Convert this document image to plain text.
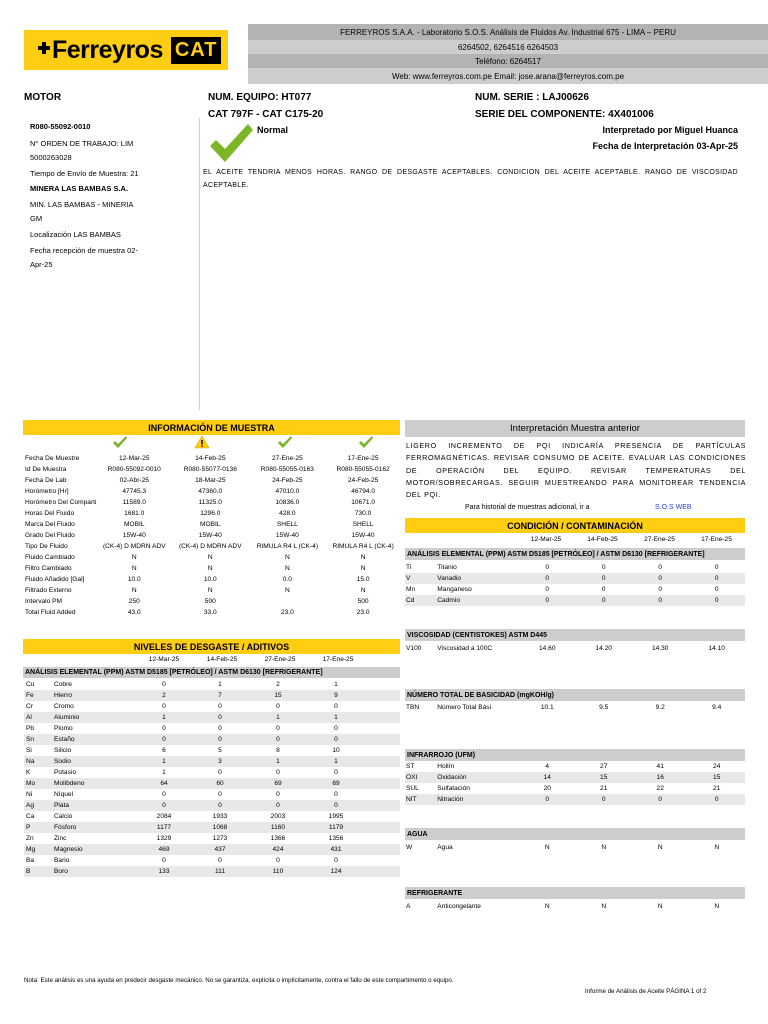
Ferreyros CAT
FERREYROS S.A.A. - Laboratorio S.O.S. Análisis de Fluidos Av. Industrial 675 - LIMA – PERU
6264502, 6264516 6264503
Teléfono: 6264517
Web: www.ferreyros.com.pe Email: jose.arana@ferreyros.com.pe
MOTOR	NUM. EQUIPO: HT077	NUM. SERIE : LAJ00626
CAT 797F - CAT C175-20	SERIE DEL COMPONENTE: 4X401006
Normal	Interpretado por Miguel Huanca
Fecha de Interpretación 03-Apr-25
R080-55092-0010
N° ORDEN DE TRABAJO: LIM
5000263028
Tiempo de Envío de Muestra: 21
MINERA LAS BAMBAS S.A.
MIN. LAS BAMBAS - MINERIA
GM
Localización LAS BAMBAS
Fecha recepción de muestra 02-
Apr-25
EL ACEITE TENDRIA MENOS HORAS. RANGO DE DESGASTE ACEPTABLES. CONDICION DEL ACEITE ACEPTABLE. RANGO DE VISCOSIDAD ACEPTABLE.
INFORMACIÓN DE MUESTRA
Fecha De Muestre	12-Mar-25	14-Feb-25	27-Ene-25	17-Ene-25
Id De Muestra	R080-55092-0010	R080-55077-0136	R080-55055-0163	R080-55055-0162
Fecha De Lab	02-Abr-25	18-Mar-25	24-Feb-25	24-Feb-25
Horómetro [Hr]	47745.3	47360.0	47010.0	46794.0
Horómetro Del Comparti	11589.0	11325.0	10836.0	10671.0
Horas Del Fluido	1681.0	1296.0	428.0	730.0
Marca Del Fluido	MOBIL	MOBIL	SHELL	SHELL
Grado Del Fluido	15W-40	15W-40	15W-40	15W-40
Tipo De Fluido	(CK-4) D MDRN ADV	(CK-4) D MDRN ADV	RIMULA R4 L (CK-4)	RIMULA R4 L (CK-4)
Fluido Cambiado	N	N	N	N
Filtro Cambiado	N	N	N	N
Fluido Añadido [Gal]	10.0	10.0	0.0	15.0
Filtrado Externo	N	N	N	N
Intervalo PM	250	500		500
Total Fluid Added	43.0	33.0	23.0	23.0
NIVELES DE DESGASTE / ADITIVOS
	12-Mar-25	14-Feb-25	27-Ene-25	17-Ene-25	
ANÁLISIS ELEMENTAL (PPM) ASTM D5185 [PETRÓLEO] / ASTM D6130 [REFRIGERANTE]
Cu	Cobre	0	1	2	1	
Fe	Hierro	2	7	15	9	
Cr	Cromo	0	0	0	0	
Al	Aluminio	1	0	1	1	
Pb	Plomo	0	0	0	0	
Sn	Estaño	0	0	0	0	
Si	Silicio	6	5	8	10	
Na	Sodio	1	3	1	1	
K	Potasio	1	0	0	0	
Mo	Molibdeno	64	60	69	69	
Ni	Níquel	0	0	0	0	
Ag	Plata	0	0	0	0	
Ca	Calcio	2084	1933	2003	1995	
P	Fósforo	1177	1068	1160	1179	
Zn	Zinc	1329	1273	1366	1356	
Mg	Magnesio	469	437	424	431	
Ba	Bario	0	0	0	0	
B	Boro	133	111	110	124	
Interpretación Muestra anterior
LIGERO INCREMENTO DE PQI INDICARÍA PRESENCIA DE PARTÍCULAS FERROMAGNÉTICAS. REVISAR CONSUMO DE ACEITE. EVALUAR LAS CONDICIONES DE OPERACIÓN DEL EQUIPO. REVISAR TEMPERATURAS DEL MOTOR/SOBRECARGAS. SEGUIR MUESTREANDO PARA MONITOREAR TENDENCIA DEL PQI.
Para historial de muestras adicional, ir a	S.O.S WEB
CONDICIÓN / CONTAMINACIÓN
	12-Mar-25	14-Feb-25	27-Ene-25	17-Ene-25
ANÁLISIS ELEMENTAL (PPM) ASTM D5185 [PETRÓLEO] / ASTM D6130 [REFRIGERANTE]
Ti	Titanio	0	0	0	0
V	Vanadio	0	0	0	0
Mn	Manganeso	0	0	0	0
Cd	Cadmio	0	0	0	0
VISCOSIDAD (CENTISTOKES) ASTM D445
V100	Viscosidad a 100C	14.60	14.20	14.30	14.10
NÚMERO TOTAL DE BASICIDAD (mgKOH/g)
TBN	Número Total Bási	10.1	9.5	9.2	9.4
INFRARROJO (UFM)
ST	Hollín	4	27	41	24
OXI	Oxidación	14	15	16	15
SUL	Sulfatación	20	21	22	21
NIT	Nitración	0	0	0	0
AGUA
W	Agua	N	N	N	N
REFRIGERANTE
A	Anticongelante	N	N	N	N
Nota: Este análisis es una ayuda en predecir desgaste mecánico. No se garantiza, explícita o implícitamente, contra el fallo de este compartimento o equipo.
Informe de Análisis de Aceite PÁGINA 1 of 2
